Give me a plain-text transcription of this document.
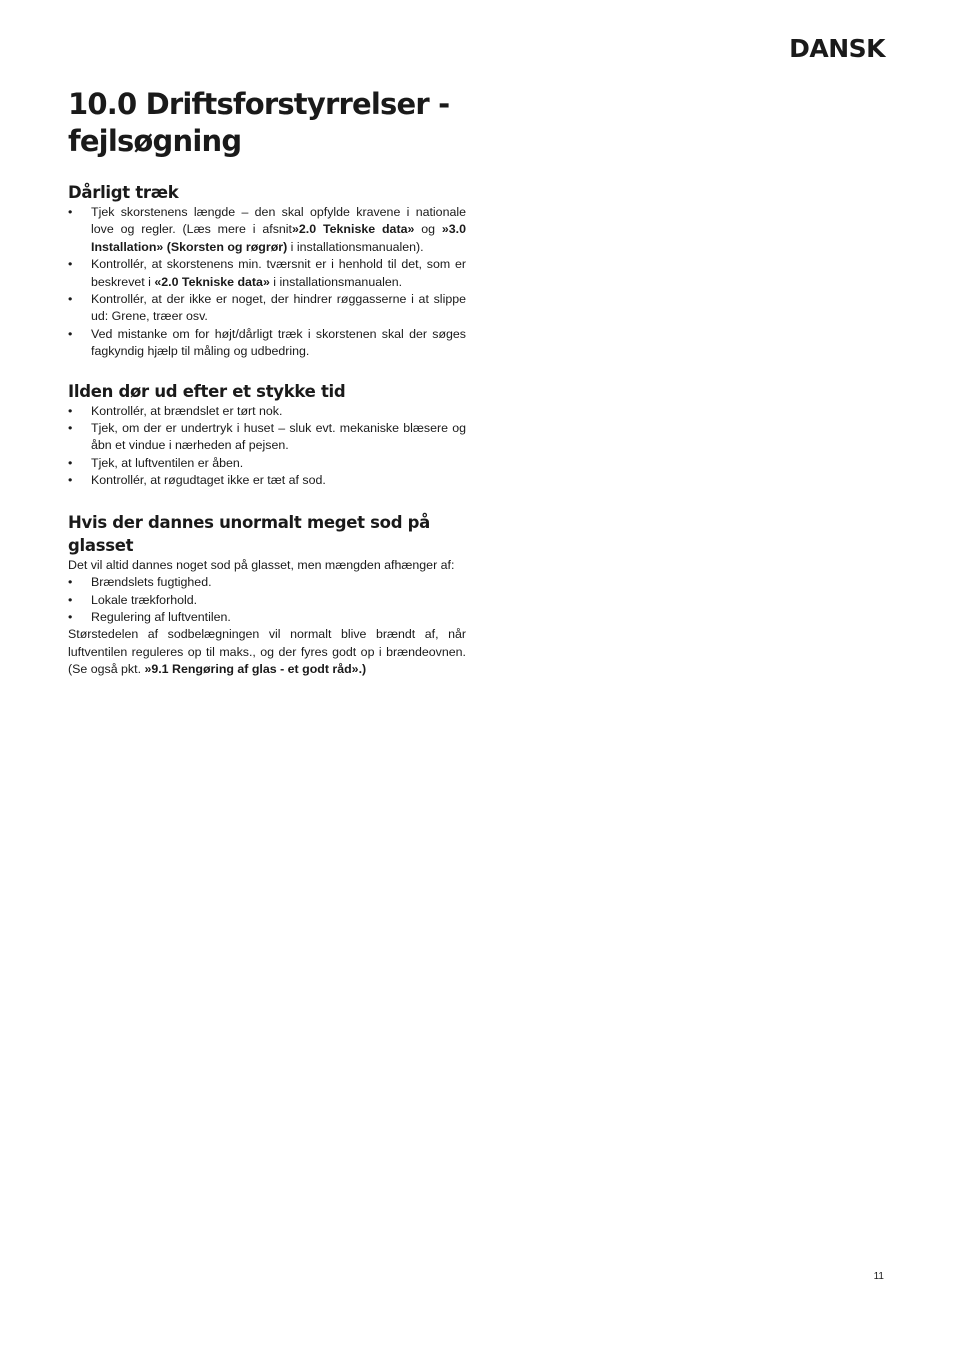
DANSK
10.0 Driftsforstyrrelser - fejlsøgning
Dårligt træk
• Tjek skorstenens længde – den skal opfylde kravene i nationale love og regler. (Læs mere i afsnit»2.0 Tekniske data» og »3.0 Installation» (Skorsten og røgrør) i installationsmanualen).
• Kontrollér, at skorstenens min. tværsnit er i henhold til det, som er beskrevet i «2.0 Tekniske data» i installationsmanualen.
• Kontrollér, at der ikke er noget, der hindrer røggasserne i at slippe ud: Grene, træer osv.
• Ved mistanke om for højt/dårligt træk i skorstenen skal der søges fagkyndig hjælp til måling og udbedring.
Ilden dør ud efter et stykke tid
• Kontrollér, at brændslet er tørt nok.
• Tjek, om der er undertryk i huset – sluk evt. mekaniske blæsere og åbn et vindue i nærheden af pejsen.
• Tjek, at luftventilen er åben.
• Kontrollér, at røgudtaget ikke er tæt af sod.
Hvis der dannes unormalt meget sod på glasset

Det vil altid dannes noget sod på glasset, men mængden afhænger af:

• Brændslets fugtighed.
• Lokale trækforhold.
• Regulering af luftventilen.

Størstedelen af sodbelægningen vil normalt blive brændt af, når luftventilen reguleres op til maks., og der fyres godt op i brændeovnen. (Se også pkt. »9.1 Rengøring af glas - et godt råd».)

11
